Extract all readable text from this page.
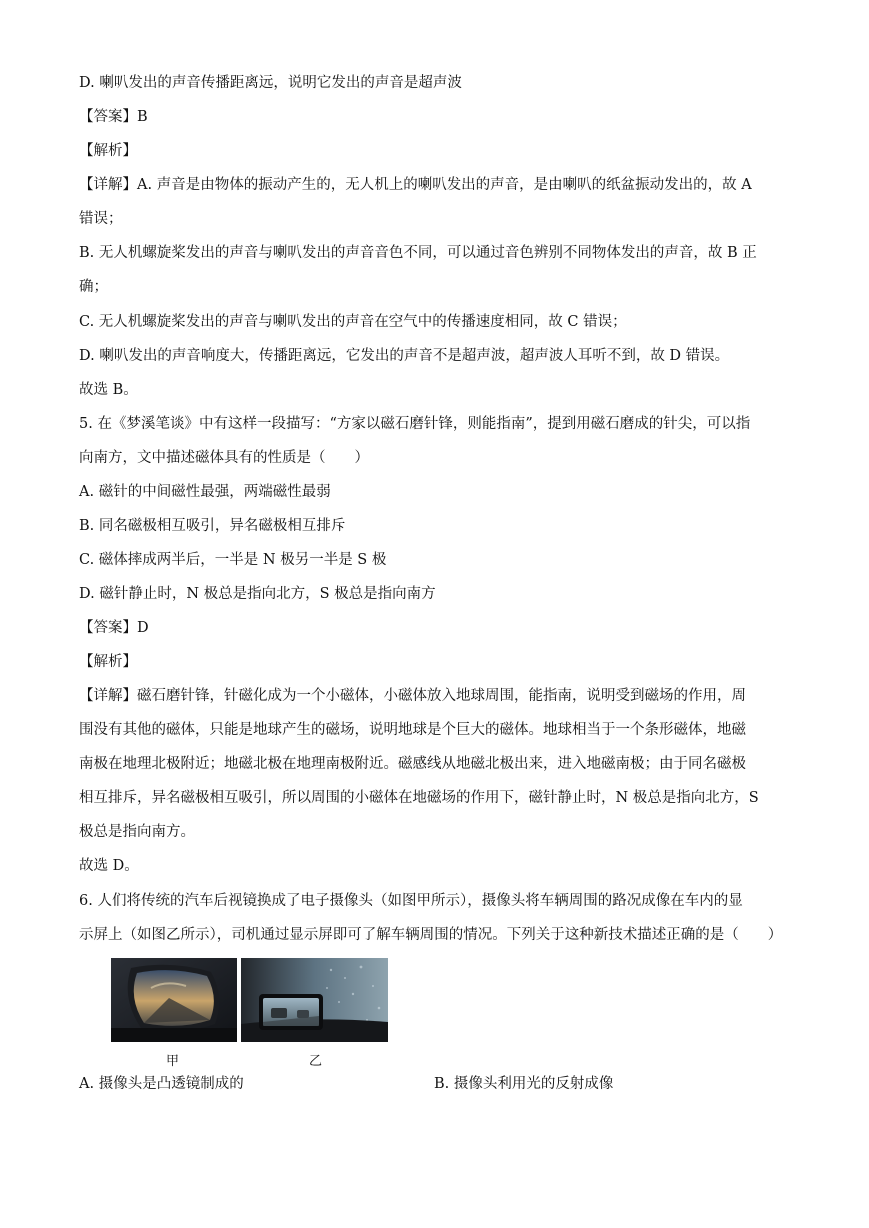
D. 喇叭发出的声音传播距离远，说明它发出的声音是超声波
【答案】B
【解析】
【详解】A. 声音是由物体的振动产生的，无人机上的喇叭发出的声音，是由喇叭的纸盆振动发出的，故 A
错误；
B. 无人机螺旋桨发出的声音与喇叭发出的声音音色不同，可以通过音色辨别不同物体发出的声音，故 B 正
确；
C. 无人机螺旋桨发出的声音与喇叭发出的声音在空气中的传播速度相同，故 C 错误；
D. 喇叭发出的声音响度大，传播距离远，它发出的声音不是超声波，超声波人耳听不到，故 D 错误。
故选 B。
5. 在《梦溪笔谈》中有这样一段描写：“方家以磁石磨针锋，则能指南”，提到用磁石磨成的针尖，可以指
向南方，文中描述磁体具有的性质是（　　）
A. 磁针的中间磁性最强，两端磁性最弱
B. 同名磁极相互吸引，异名磁极相互排斥
C. 磁体摔成两半后，一半是 N 极另一半是 S 极
D. 磁针静止时，N 极总是指向北方，S 极总是指向南方
【答案】D
【解析】
【详解】磁石磨针锋，针磁化成为一个小磁体，小磁体放入地球周围，能指南，说明受到磁场的作用，周
围没有其他的磁体，只能是地球产生的磁场，说明地球是个巨大的磁体。地球相当于一个条形磁体，地磁
南极在地理北极附近；地磁北极在地理南极附近。磁感线从地磁北极出来，进入地磁南极；由于同名磁极
相互排斥，异名磁极相互吸引，所以周围的小磁体在地磁场的作用下，磁针静止时，N 极总是指向北方，S
极总是指向南方。
故选 D。
6. 人们将传统的汽车后视镜换成了电子摄像头（如图甲所示），摄像头将车辆周围的路况成像在车内的显
示屏上（如图乙所示），司机通过显示屏即可了解车辆周围的情况。下列关于这种新技术描述正确的是（　　）
甲	乙
A. 摄像头是凸透镜制成的	B. 摄像头利用光的反射成像
